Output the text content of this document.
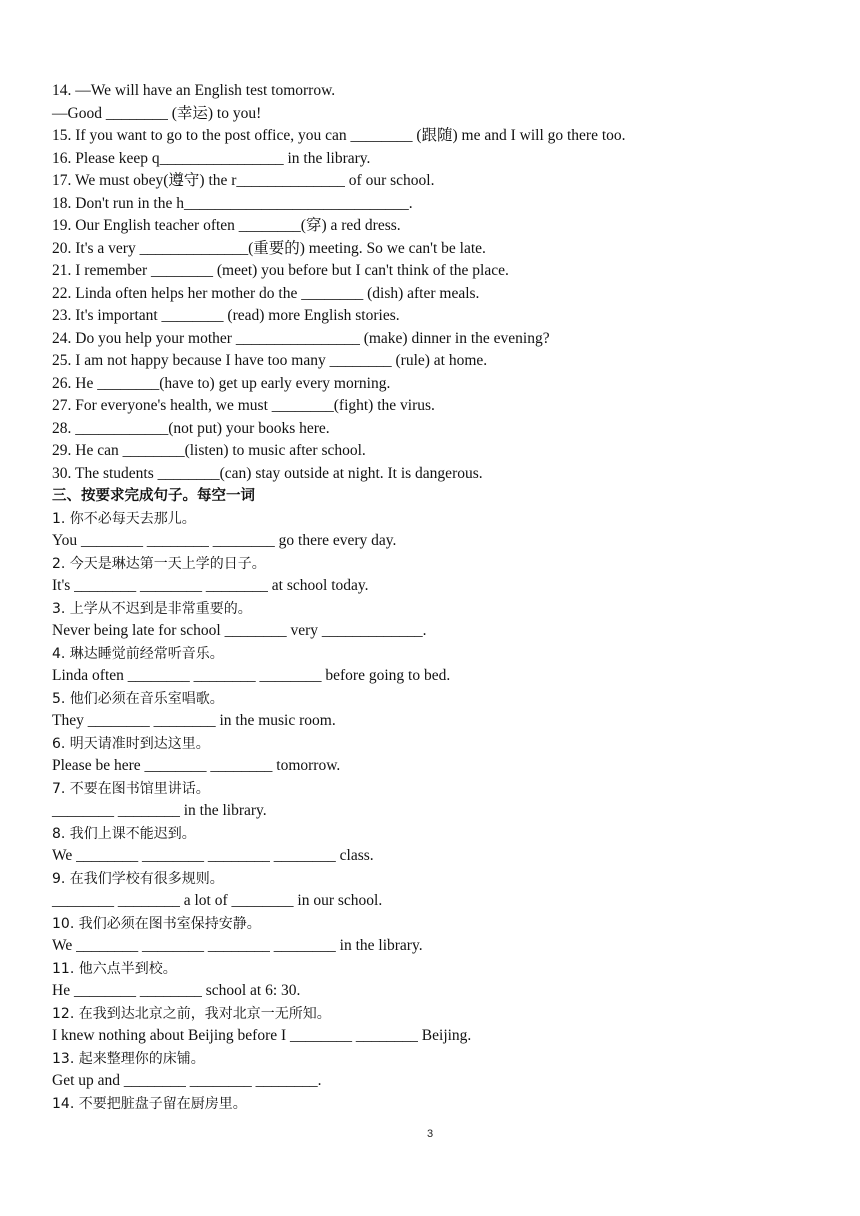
14. —We will have an English test tomorrow.
—Good ________ (幸运) to you!
15. If you want to go to the post office, you can ________ (跟随) me and I will go there too.
16. Please keep q________________ in the library.
17. We must obey(遵守) the r______________ of our school.
18. Don't run in the h_____________________________.
19. Our English teacher often ________(穿) a red dress.
20. It's a very ______________(重要的) meeting. So we can't be late.
21. I remember ________ (meet) you before but I can't think of the place.
22. Linda often helps her mother do the ________ (dish) after meals.
23. It's important ________ (read) more English stories.
24. Do you help your mother ________________ (make) dinner in the evening?
25. I am not happy because I have too many ________ (rule) at home.
26. He ________(have to) get up early every morning.
27. For everyone's health, we must ________(fight) the virus.
28. ____________(not put) your books here.
29. He can ________(listen) to music after school.
30. The students ________(can) stay outside at night. It is dangerous.
三、按要求完成句子。每空一词
1. 你不必每天去那儿。
You ________ ________ ________ go there every day.
2. 今天是琳达第一天上学的日子。
It's ________ ________ ________ at school today.
3. 上学从不迟到是非常重要的。
Never being late for school ________ very _____________.
4. 琳达睡觉前经常听音乐。
Linda often ________ ________ ________ before going to bed.
5. 他们必须在音乐室唱歌。
They ________ ________ in the music room.
6. 明天请准时到达这里。
Please be here ________ ________ tomorrow.
7. 不要在图书馆里讲话。
________ ________ in the library.
8. 我们上课不能迟到。
We ________ ________ ________ ________ class.
9. 在我们学校有很多规则。
________ ________ a lot of ________ in our school.
10. 我们必须在图书室保持安静。
We ________ ________ ________ ________ in the library.
11. 他六点半到校。
He ________ ________ school at 6: 30.
12. 在我到达北京之前，我对北京一无所知。
I knew nothing about Beijing before I ________ ________ Beijing.
13. 起来整理你的床铺。
Get up and ________ ________ ________.
14. 不要把脏盘子留在厨房里。
3
